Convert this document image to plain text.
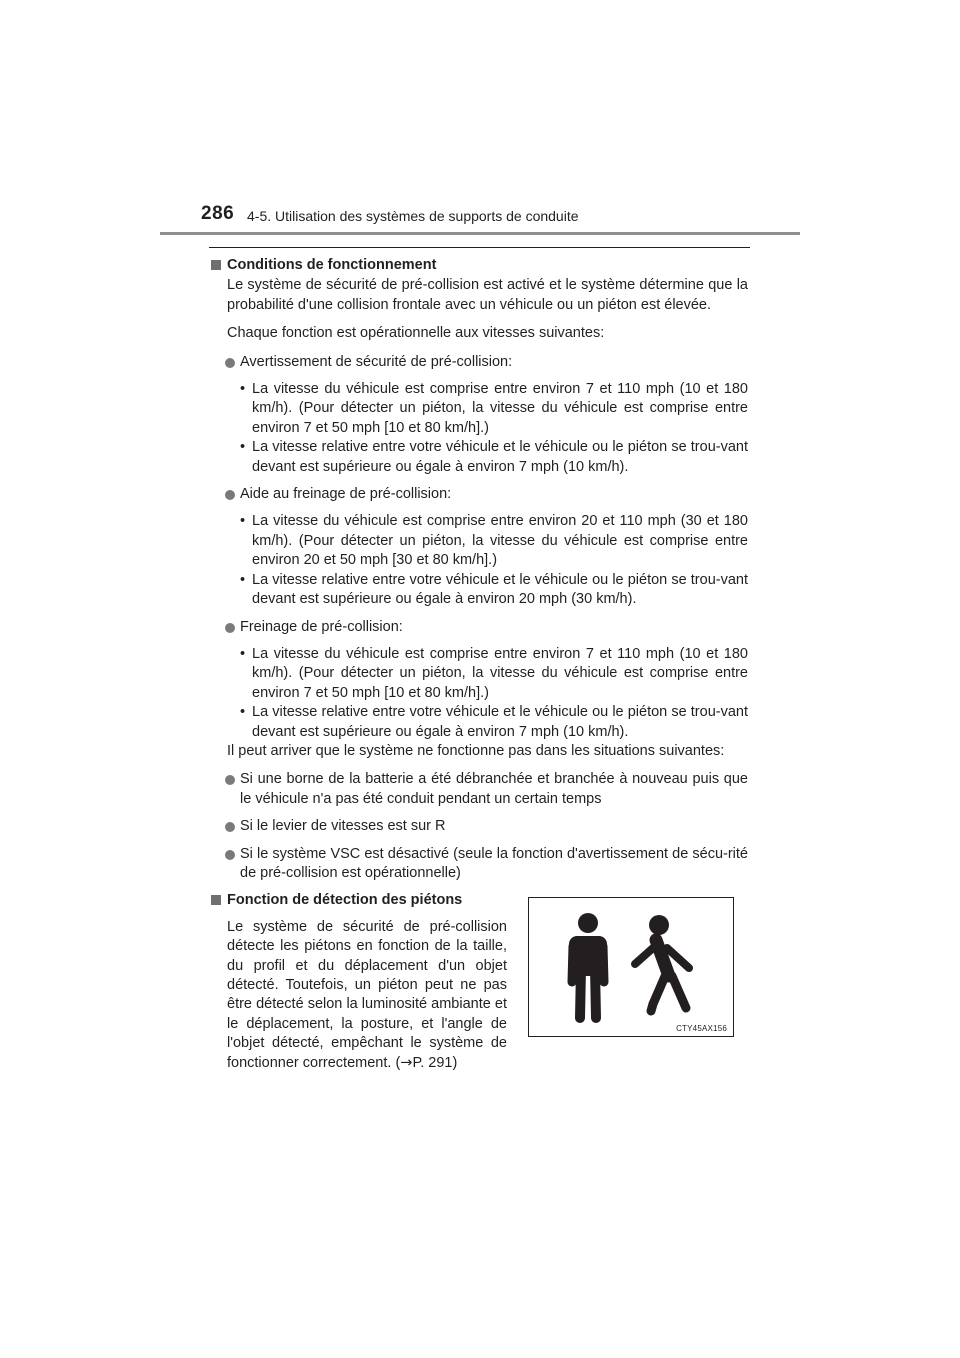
286 4-5. Utilisation des systèmes de supports de conduite
Conditions de fonctionnement
Le système de sécurité de pré-collision est activé et le système détermine que la probabilité d'une collision frontale avec un véhicule ou un piéton est élevée.
Chaque fonction est opérationnelle aux vitesses suivantes:
Avertissement de sécurité de pré-collision:
• La vitesse du véhicule est comprise entre environ 7 et 110 mph (10 et 180 km/h). (Pour détecter un piéton, la vitesse du véhicule est comprise entre environ 7 et 50 mph [10 et 80 km/h].)
• La vitesse relative entre votre véhicule et le véhicule ou le piéton se trou-vant devant est supérieure ou égale à environ 7 mph (10 km/h).
Aide au freinage de pré-collision:
• La vitesse du véhicule est comprise entre environ 20 et 110 mph (30 et 180 km/h). (Pour détecter un piéton, la vitesse du véhicule est comprise entre environ 20 et 50 mph [30 et 80 km/h].)
• La vitesse relative entre votre véhicule et le véhicule ou le piéton se trou-vant devant est supérieure ou égale à environ 20 mph (30 km/h).
Freinage de pré-collision:
• La vitesse du véhicule est comprise entre environ 7 et 110 mph (10 et 180 km/h). (Pour détecter un piéton, la vitesse du véhicule est comprise entre environ 7 et 50 mph [10 et 80 km/h].)
• La vitesse relative entre votre véhicule et le véhicule ou le piéton se trou-vant devant est supérieure ou égale à environ 7 mph (10 km/h).
Il peut arriver que le système ne fonctionne pas dans les situations suivantes:
Si une borne de la batterie a été débranchée et branchée à nouveau puis que le véhicule n'a pas été conduit pendant un certain temps
Si le levier de vitesses est sur R
Si le système VSC est désactivé (seule la fonction d'avertissement de sécu-rité de pré-collision est opérationnelle)
Fonction de détection des piétons
Le système de sécurité de pré-collision détecte les piétons en fonction de la taille, du profil et du déplacement d'un objet détecté. Toutefois, un piéton peut ne pas être détecté selon la luminosité ambiante et le déplacement, la posture, et l'angle de l'objet détecté, empêchant le système de fonctionner correctement. (→P. 291)
CTY45AX156
